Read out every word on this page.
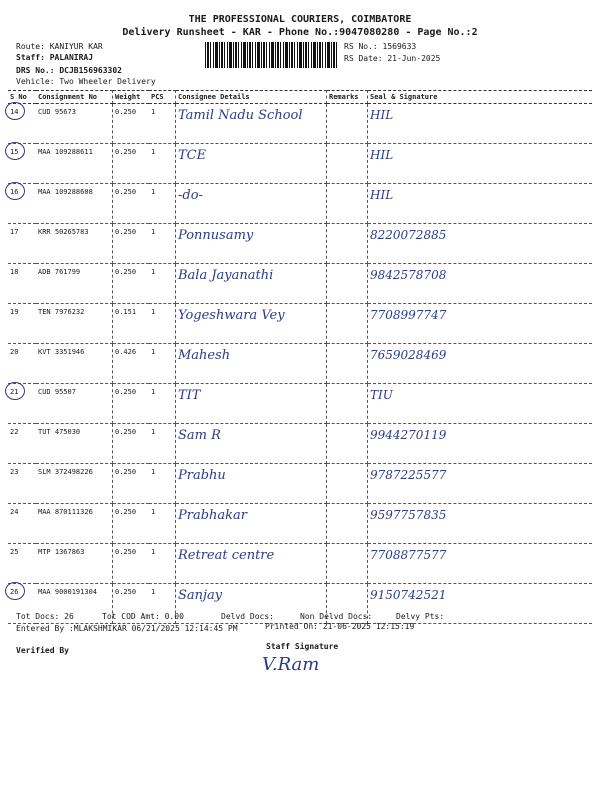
THE PROFESSIONAL COURIERS, COIMBATORE
Delivery Runsheet - KAR - Phone No.:9047080280 - Page No.:2
Route: KANIYUR KAR
Staff: PALANIRAJ
DRS No.: DCJB156963302
Vehicle: Two Wheeler Delivery
RS No.: 1569633
RS Date: 21-Jun-2025
S No	Consignment No	Weight	PCS	Consignee Details	Remarks	Seal & Signature

14	CUD 95673	0.250	1	Tamil Nadu School		HIL

15	MAA 109288611	0.250	1	TCE		HIL

16	MAA 109288608	0.250	1	-do-		HIL
17	KRR 50265783	0.250	1	Ponnusamy		8220072885
18	ADB 761799	0.250	1	Bala Jayanathi		9842578708
19	TEN 7976232	0.151	1	Yogeshwara Vey		7708997747
20	KVT 3351946	0.426	1	Mahesh		7659028469

21	CUD 95507	0.250	1	TIT		TIU
22	TUT 475030	0.250	1	Sam R		9944270119
23	SLM 372498226	0.250	1	Prabhu		9787225577
24	MAA 870111326	0.250	1	Prabhakar		9597757835
25	MTP 1367863	0.250	1	Retreat centre		7708877577

26	MAA 9000191304	0.250	1	Sanjay		9150742521
Tot Docs: 26	Tot COD Amt: 0.00	Delvd Docs:	Non Delvd Docs:	Delvy Pts:
Entered By :MLAKSHMIKAR 06/21/2025 12:14:45 PM	Printed On: 21-06-2025 12:15:19
Verified By	Staff Signature
V.Ram
